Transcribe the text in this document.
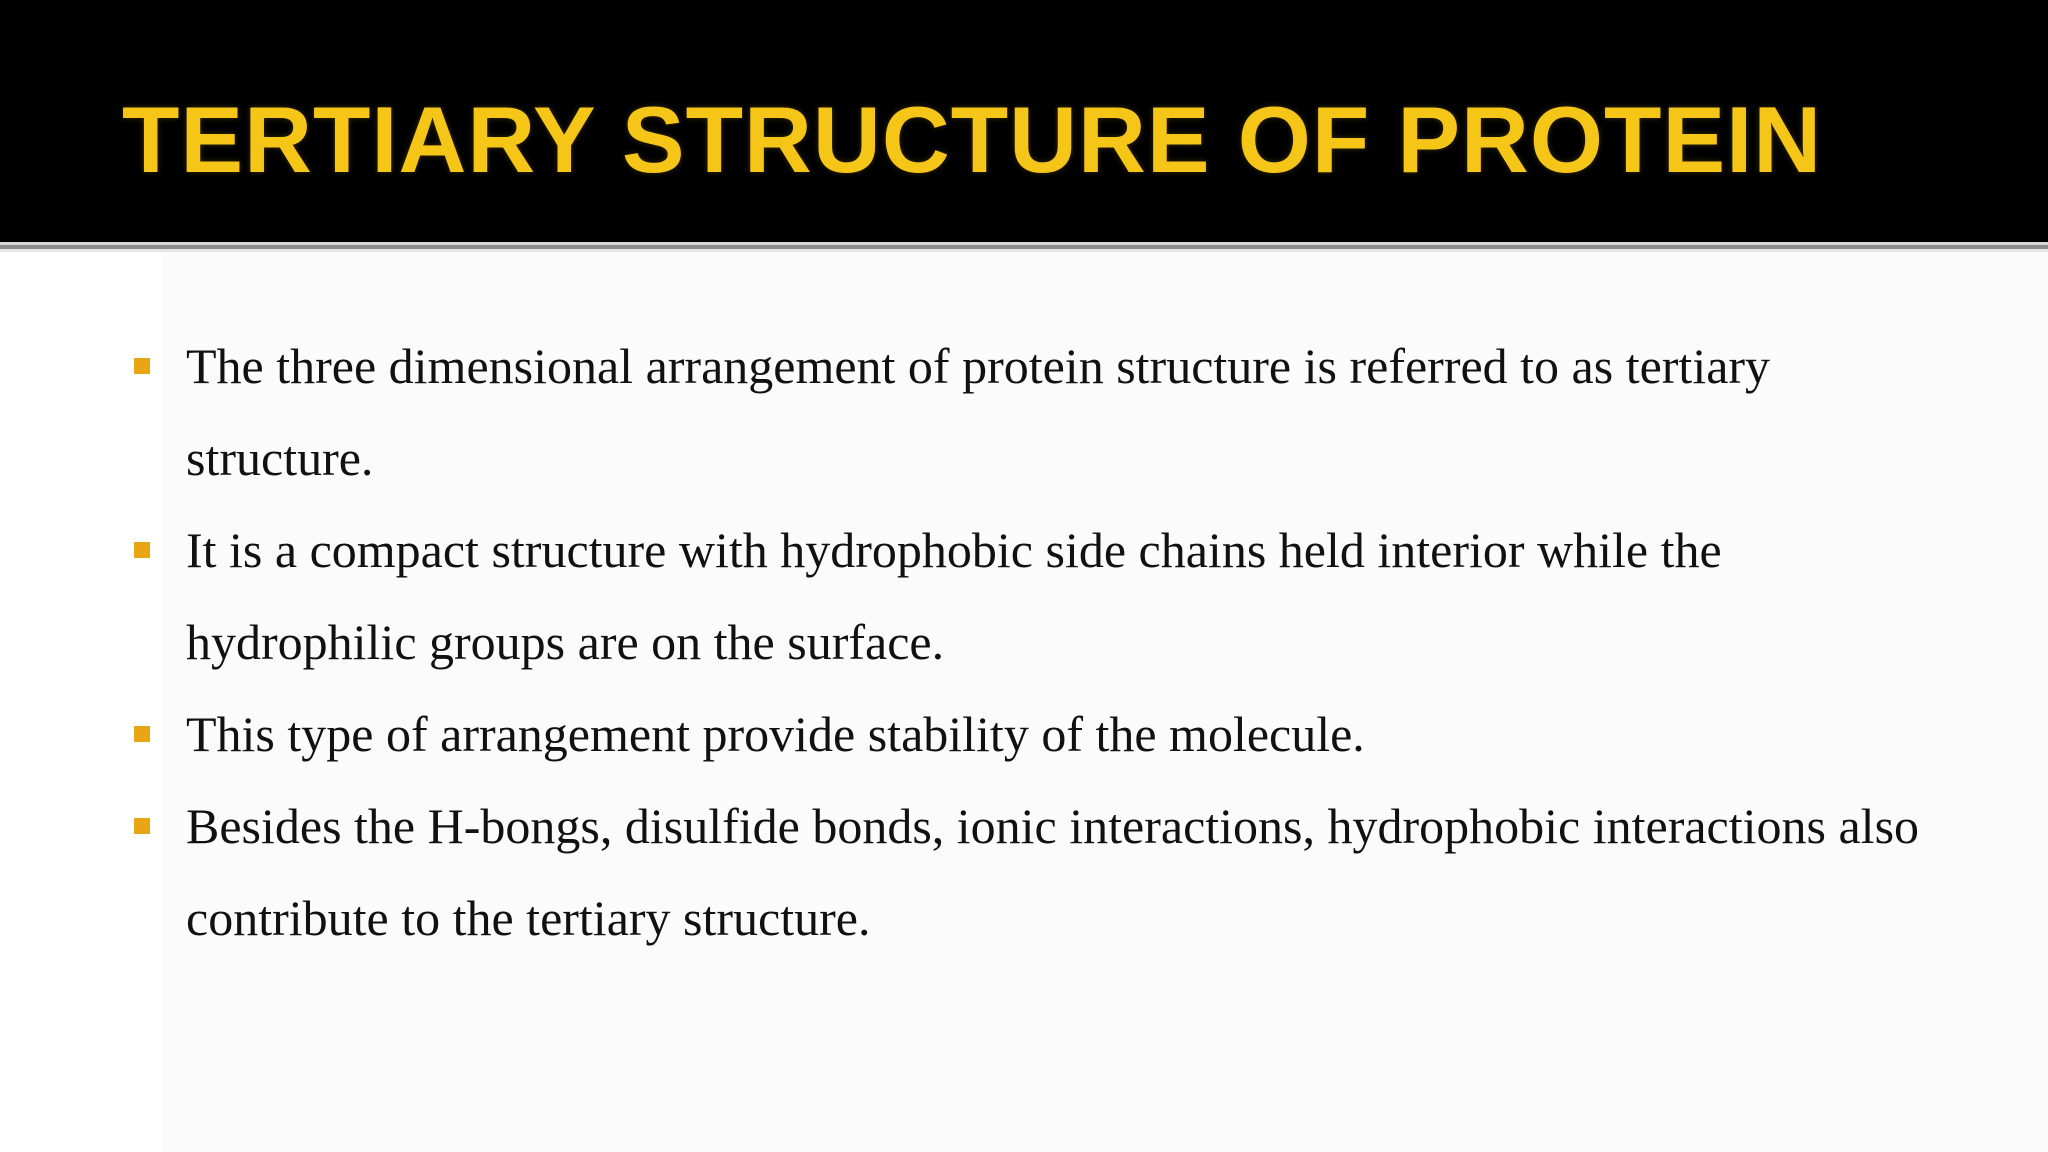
TERTIARY STRUCTURE OF PROTEIN
The three dimensional arrangement of protein structure is referred to as tertiary structure.
It is a compact structure with hydrophobic side chains held interior while the hydrophilic groups are on the surface.
This type of arrangement provide stability of the molecule.
Besides the H-bongs, disulfide bonds, ionic interactions, hydrophobic interactions also contribute to the tertiary structure.
